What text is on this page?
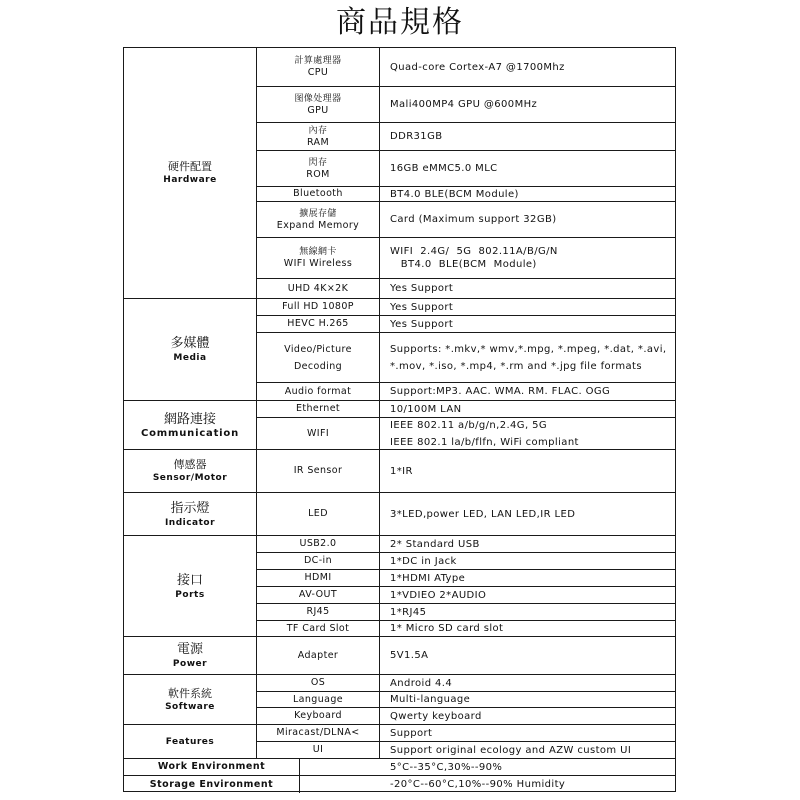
商品規格
硬件配置
Hardware
多媒體
Media
網路連接
Communication
傳感器
Sensor/Motor
指示燈
Indicator
接口
Ports
電源
Power
軟件系統
Software
Features
Work Environment
Storage Environment
計算處理器
CPU
图像处理器
GPU
內存
RAM
閃存
ROM
Bluetooth
擴展存儲
Expand Memory
無線網卡
WIFI Wireless
UHD 4K×2K
Full HD 1080P
HEVC H.265
Video/Picture
Decoding
Audio format
Ethernet
WIFI
IR Sensor
LED
USB2.0
DC-in
HDMI
AV-OUT
RJ45
TF Card Slot
Adapter
OS
Language
Keyboard
Miracast/DLNA<
UI
Quad-core Cortex-A7 @1700Mhz
Mali400MP4 GPU @600MHz
DDR31GB
16GB eMMC5.0 MLC
BT4.0 BLE(BCM Module)
Card (Maximum support 32GB)
WIFI  2.4G/  5G  802.11A/B/G/N
BT4.0  BLE(BCM  Module)
Yes Support
Yes Support
Yes Support
Supports: *.mkv,* wmv,*.mpg, *.mpeg, *.dat, *.avi,
*.mov, *.iso, *.mp4, *.rm and *.jpg file formats
Support:MP3. AAC. WMA. RM. FLAC. OGG
10/100M LAN
IEEE 802.11 a/b/g/n,2.4G, 5G
IEEE 802.1 la/b/flfn, WiFi compliant
1*IR
3*LED,power LED, LAN LED,IR LED
2* Standard USB
1*DC in Jack
1*HDMI AType
1*VDIEO 2*AUDIO
1*RJ45
1* Micro SD card slot
5V1.5A
Android 4.4
Multi-language
Qwerty keyboard
Support
Support original ecology and AZW custom UI
5°C--35°C,30%--90%
-20°C--60°C,10%--90% Humidity
